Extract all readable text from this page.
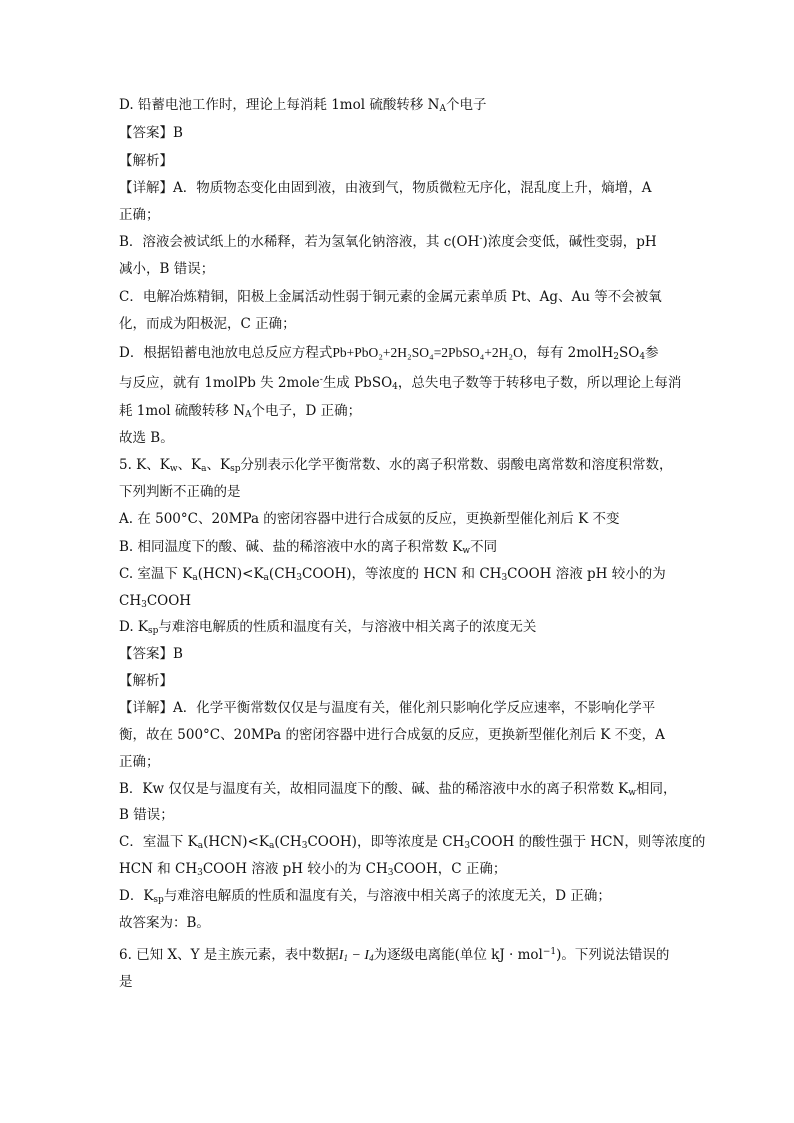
D. 铅蓄电池工作时，理论上每消耗 1mol 硫酸转移 $N_A$个电子
【答案】B
【解析】
【详解】A．物质物态变化由固到液，由液到气，物质微粒无序化，混乱度上升，熵增，A
正确；
B．溶液会被试纸上的水稀释，若为氢氧化钠溶液，其 c(OH-)浓度会变低，碱性变弱，pH
减小，B 错误；
C．电解冶炼精铜，阳极上金属活动性弱于铜元素的金属元素单质 Pt、Ag、Au 等不会被氧
化，而成为阳极泥，C 正确；
D．根据铅蓄电池放电总反应方程式Pb+PbO₂+2H₂SO₄=2PbSO₄+2H₂O，每有 $2molH_2SO_4$参
与反应，就有 1molPb 失 2mole-生成 PbSO$_4$，总失电子数等于转移电子数，所以理论上每消
耗 1mol 硫酸转移 $N_A$个电子，D 正确；
故选 B。
5. K、$K_w$、$K_a$、$K_{sp}$分别表示化学平衡常数、水的离子积常数、弱酸电离常数和溶度积常数，
下列判断不正确的是
A. 在 500°C、20MPa 的密闭容器中进行合成氨的反应，更换新型催化剂后 K 不变
B. 相同温度下的酸、碱、盐的稀溶液中水的离子积常数 $K_w$不同
C. 室温下 $K_a(HCN)<K_a(CH_3COOH)$，等浓度的 HCN 和 $CH_3COOH$ 溶液 pH 较小的为
$CH_3COOH$
D. $K_{sp}$与难溶电解质的性质和温度有关，与溶液中相关离子的浓度无关
【答案】B
【解析】
【详解】A．化学平衡常数仅仅是与温度有关，催化剂只影响化学反应速率，不影响化学平
衡，故在 500°C、20MPa 的密闭容器中进行合成氨的反应，更换新型催化剂后 K 不变，A
正确；
B．Kw 仅仅是与温度有关，故相同温度下的酸、碱、盐的稀溶液中水的离子积常数 $K_w$相同，
B 错误；
C．室温下 $K_a(HCN)<K_a(CH_3COOH)$，即等浓度是 $CH_3COOH$ 的酸性强于 HCN，则等浓度的
HCN 和 $CH_3COOH$ 溶液 pH 较小的为 $CH_3COOH$，C 正确；
D．$K_{sp}$与难溶电解质的性质和温度有关，与溶液中相关离子的浓度无关，D 正确；
故答案为：B。
6. 已知 X、Y 是主族元素，表中数据$I_1 - I_4$为逐级电离能(单位 kJ · mol$^{-1}$)。下列说法错误的
是
